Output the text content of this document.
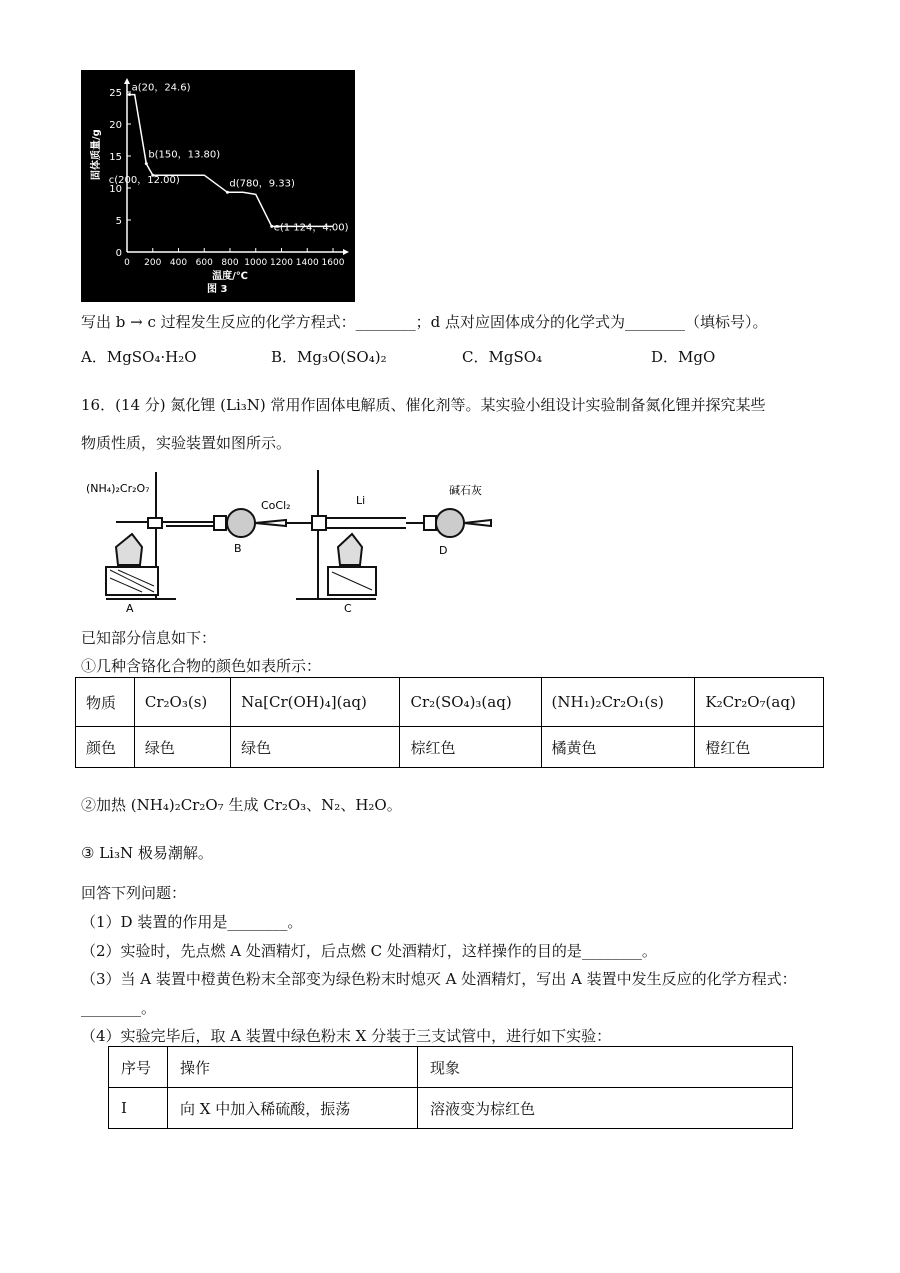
0
5
10
15
20
25
0 200 400 600 800 1000 1200 1400 1600
固体质量/g
温度/℃
图 3
a(20，24.6)
b(150，13.80)
c(200，12.00)	d(780，9.33)
e(1 124，4.00)
写出 b → c 过程发生反应的化学方程式：________；d 点对应固体成分的化学式为________（填标号）。
A．MgSO₄·H₂O	B．Mg₃O(SO₄)₂	C．MgSO₄	D．MgO
16．(14 分) 氮化锂 (Li₃N) 常用作固体电解质、催化剂等。某实验小组设计实验制备氮化锂并探究某些
物质性质，实验装置如图所示。
(NH₄)₂Cr₂O₇
CoCl₂	Li
碱石灰
A
B
C
D
已知部分信息如下：
①几种含铬化合物的颜色如表所示：
物质	Cr₂O₃(s)	Na[Cr(OH)₄](aq)	Cr₂(SO₄)₃(aq)	(NH₁)₂Cr₂O₁(s)	K₂Cr₂O₇(aq)
颜色	绿色	绿色	棕红色	橘黄色	橙红色
②加热 (NH₄)₂Cr₂O₇ 生成 Cr₂O₃、N₂、H₂O。
③ Li₃N 极易潮解。
回答下列问题：
（1）D 装置的作用是________。
（2）实验时，先点燃 A 处酒精灯，后点燃 C 处酒精灯，这样操作的目的是________。
（3）当 A 装置中橙黄色粉末全部变为绿色粉末时熄灭 A 处酒精灯，写出 A 装置中发生反应的化学方程式：
________。
（4）实验完毕后，取 A 装置中绿色粉末 X 分装于三支试管中，进行如下实验：
序号	操作	现象
I	向 X 中加入稀硫酸，振荡	溶液变为棕红色
